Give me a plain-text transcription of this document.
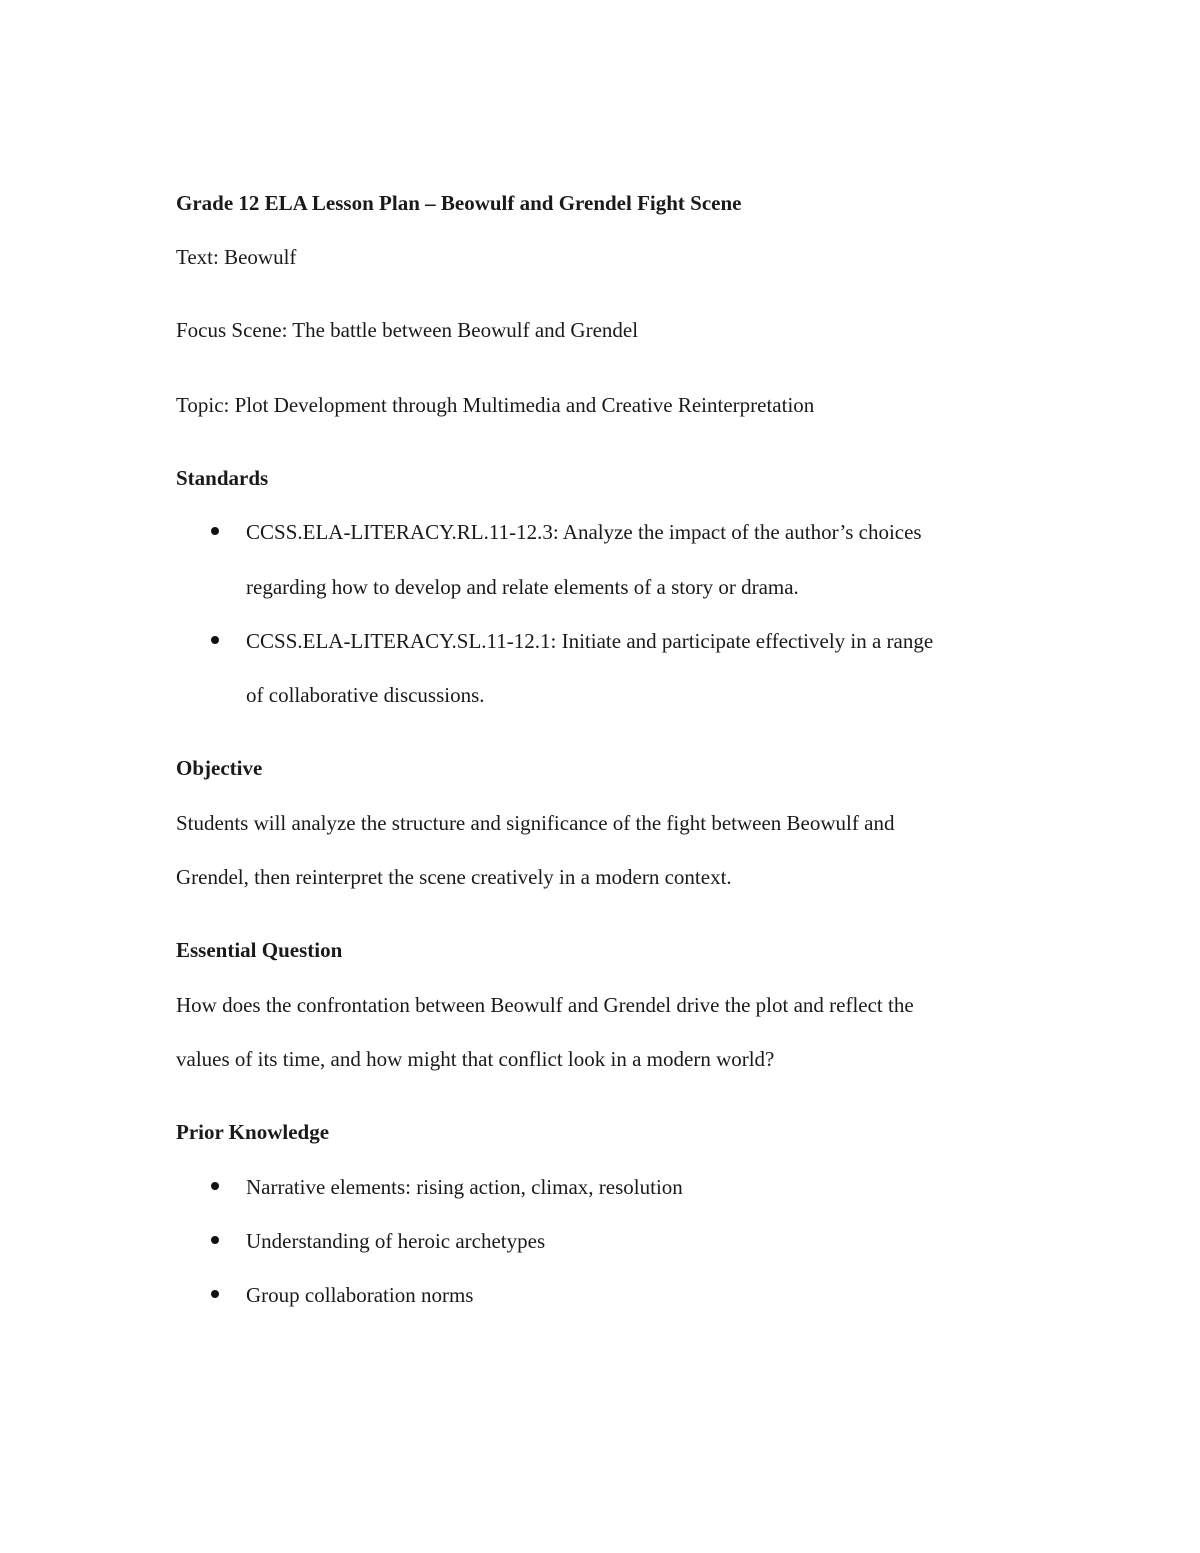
Grade 12 ELA Lesson Plan – Beowulf and Grendel Fight Scene
Text: Beowulf
Focus Scene: The battle between Beowulf and Grendel
Topic: Plot Development through Multimedia and Creative Reinterpretation
Standards
CCSS.ELA-LITERACY.RL.11-12.3: Analyze the impact of the author’s choices
regarding how to develop and relate elements of a story or drama.
CCSS.ELA-LITERACY.SL.11-12.1: Initiate and participate effectively in a range
of collaborative discussions.
Objective
Students will analyze the structure and significance of the fight between Beowulf and
Grendel, then reinterpret the scene creatively in a modern context.
Essential Question
How does the confrontation between Beowulf and Grendel drive the plot and reflect the
values of its time, and how might that conflict look in a modern world?
Prior Knowledge
Narrative elements: rising action, climax, resolution
Understanding of heroic archetypes
Group collaboration norms
